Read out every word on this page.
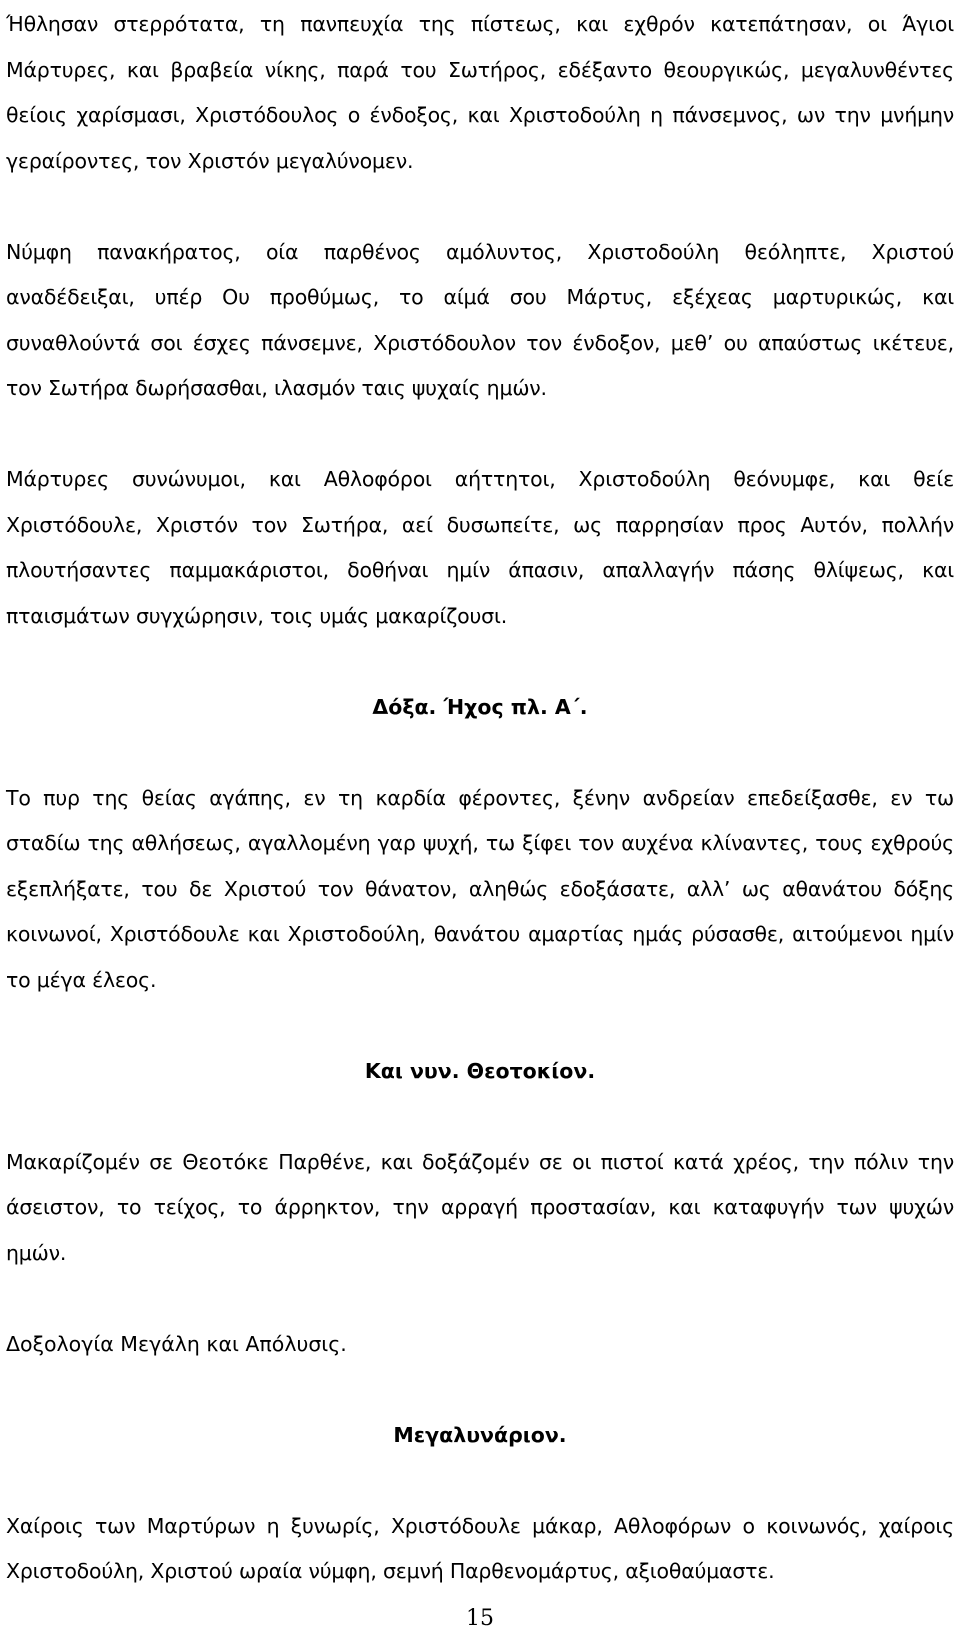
Ήθλησαν στερρότατα, τη πανπευχία της πίστεως, και εχθρόν κατεπάτησαν, οι Άγιοι Μάρτυρες, και βραβεία νίκης, παρά του Σωτήρος, εδέξαντο θεουργικώς, μεγαλυνθέντες θείοις χαρίσμασι, Χριστόδουλος ο ένδοξος, και Χριστοδούλη η πάνσεμνος, ων την μνήμην γεραίροντες, τον Χριστόν μεγαλύνομεν.

Νύμφη πανακήρατος, οία παρθένος αμόλυντος, Χριστοδούλη θεόληπτε, Χριστού αναδέδειξαι, υπέρ Ου προθύμως, το αίμά σου Μάρτυς, εξέχεας μαρτυρικώς, και συναθλούντά σοι έσχες πάνσεμνε, Χριστόδουλον τον ένδοξον, μεθ’ ου απαύστως ικέτευε, τον Σωτήρα δωρήσασθαι, ιλασμόν ταις ψυχαίς ημών.

Μάρτυρες συνώνυμοι, και Αθλοφόροι αήττητοι, Χριστοδούλη θεόνυμφε, και θείε Χριστόδουλε, Χριστόν τον Σωτήρα, αεί δυσωπείτε, ως παρρησίαν προς Αυτόν, πολλήν πλουτήσαντες παμμακάριστοι, δοθήναι ημίν άπασιν, απαλλαγήν πάσης θλίψεως, και πταισμάτων συγχώρησιν, τοις υμάς μακαρίζουσι.

Δόξα. Ήχος πλ. Α΄.

Το πυρ της θείας αγάπης, εν τη καρδία φέροντες, ξένην ανδρείαν επεδείξασθε, εν τω σταδίω της αθλήσεως, αγαλλομένη γαρ ψυχή, τω ξίφει τον αυχένα κλίναντες, τους εχθρούς εξεπλήξατε, του δε Χριστού τον θάνατον, αληθώς εδοξάσατε, αλλ’ ως αθανάτου δόξης κοινωνοί, Χριστόδουλε και Χριστοδούλη, θανάτου αμαρτίας ημάς ρύσασθε, αιτούμενοι ημίν το μέγα έλεος.

Και νυν. Θεοτοκίον.

Μακαρίζομέν σε Θεοτόκε Παρθένε, και δοξάζομέν σε οι πιστοί κατά χρέος, την πόλιν την άσειστον, το τείχος, το άρρηκτον, την αρραγή προστασίαν, και καταφυγήν των ψυχών ημών.

Δοξολογία Μεγάλη και Απόλυσις.

Μεγαλυνάριον.

Χαίροις των Μαρτύρων η ξυνωρίς, Χριστόδουλε μάκαρ, Αθλοφόρων ο κοινωνός, χαίροις Χριστοδούλη, Χριστού ωραία νύμφη, σεμνή Παρθενομάρτυς, αξιοθαύμαστε.

15
